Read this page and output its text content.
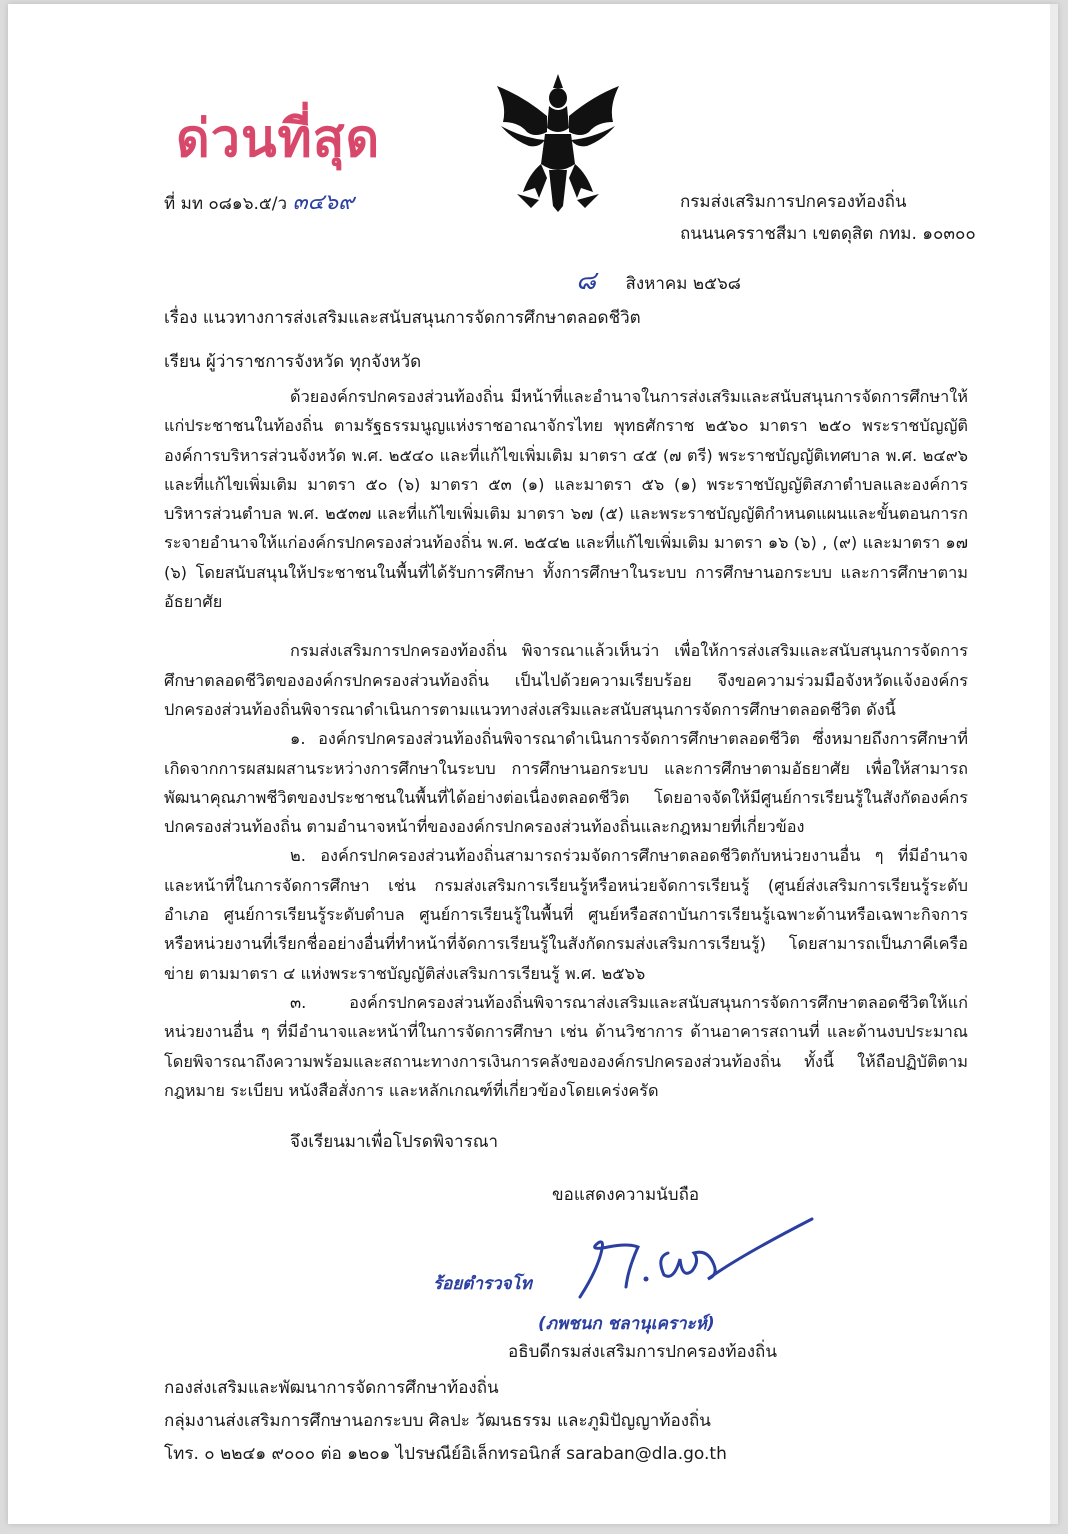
ด่วนที่สุด
ที่ มท ๐๘๑๖.๕/ว ๓๔๖๙	กรมส่งเสริมการปกครองท้องถิ่น
ถนนนครราชสีมา เขตดุสิต กทม. ๑๐๓๐๐
๘ สิงหาคม ๒๕๖๘
เรื่อง แนวทางการส่งเสริมและสนับสนุนการจัดการศึกษาตลอดชีวิต
เรียน ผู้ว่าราชการจังหวัด ทุกจังหวัด

ด้วยองค์กรปกครองส่วนท้องถิ่น มีหน้าที่และอำนาจในการส่งเสริมและสนับสนุนการจัดการศึกษาให้แก่ประชาชนในท้องถิ่น ตามรัฐธรรมนูญแห่งราชอาณาจักรไทย พุทธศักราช ๒๕๖๐ มาตรา ๒๕๐ พระราชบัญญัติองค์การบริหารส่วนจังหวัด พ.ศ. ๒๕๔๐ และที่แก้ไขเพิ่มเติม มาตรา ๔๕ (๗ ตรี) พระราชบัญญัติเทศบาล พ.ศ. ๒๔๙๖ และที่แก้ไขเพิ่มเติม มาตรา ๕๐ (๖) มาตรา ๕๓ (๑) และมาตรา ๕๖ (๑) พระราชบัญญัติสภาตำบลและองค์การบริหารส่วนตำบล พ.ศ. ๒๕๓๗ และที่แก้ไขเพิ่มเติม มาตรา ๖๗ (๕) และพระราชบัญญัติกำหนดแผนและขั้นตอนการกระจายอำนาจให้แก่องค์กรปกครองส่วนท้องถิ่น พ.ศ. ๒๕๔๒ และที่แก้ไขเพิ่มเติม มาตรา ๑๖ (๖) , (๙) และมาตรา ๑๗ (๖) โดยสนับสนุนให้ประชาชนในพื้นที่ได้รับการศึกษา ทั้งการศึกษาในระบบ การศึกษานอกระบบ และการศึกษาตามอัธยาศัย

กรมส่งเสริมการปกครองท้องถิ่น พิจารณาแล้วเห็นว่า เพื่อให้การส่งเสริมและสนับสนุนการจัดการศึกษาตลอดชีวิตขององค์กรปกครองส่วนท้องถิ่น เป็นไปด้วยความเรียบร้อย จึงขอความร่วมมือจังหวัดแจ้งองค์กรปกครองส่วนท้องถิ่นพิจารณาดำเนินการตามแนวทางส่งเสริมและสนับสนุนการจัดการศึกษาตลอดชีวิต ดังนี้

๑. องค์กรปกครองส่วนท้องถิ่นพิจารณาดำเนินการจัดการศึกษาตลอดชีวิต ซึ่งหมายถึงการศึกษาที่เกิดจากการผสมผสานระหว่างการศึกษาในระบบ การศึกษานอกระบบ และการศึกษาตามอัธยาศัย เพื่อให้สามารถพัฒนาคุณภาพชีวิตของประชาชนในพื้นที่ได้อย่างต่อเนื่องตลอดชีวิต โดยอาจจัดให้มีศูนย์การเรียนรู้ในสังกัดองค์กรปกครองส่วนท้องถิ่น ตามอำนาจหน้าที่ขององค์กรปกครองส่วนท้องถิ่นและกฎหมายที่เกี่ยวข้อง

๒. องค์กรปกครองส่วนท้องถิ่นสามารถร่วมจัดการศึกษาตลอดชีวิตกับหน่วยงานอื่น ๆ ที่มีอำนาจและหน้าที่ในการจัดการศึกษา เช่น กรมส่งเสริมการเรียนรู้หรือหน่วยจัดการเรียนรู้ (ศูนย์ส่งเสริมการเรียนรู้ระดับอำเภอ ศูนย์การเรียนรู้ระดับตำบล ศูนย์การเรียนรู้ในพื้นที่ ศูนย์หรือสถาบันการเรียนรู้เฉพาะด้านหรือเฉพาะกิจการ หรือหน่วยงานที่เรียกชื่ออย่างอื่นที่ทำหน้าที่จัดการเรียนรู้ในสังกัดกรมส่งเสริมการเรียนรู้) โดยสามารถเป็นภาคีเครือข่าย ตามมาตรา ๔ แห่งพระราชบัญญัติส่งเสริมการเรียนรู้ พ.ศ. ๒๕๖๖

๓. องค์กรปกครองส่วนท้องถิ่นพิจารณาส่งเสริมและสนับสนุนการจัดการศึกษาตลอดชีวิตให้แก่หน่วยงานอื่น ๆ ที่มีอำนาจและหน้าที่ในการจัดการศึกษา เช่น ด้านวิชาการ ด้านอาคารสถานที่ และด้านงบประมาณ โดยพิจารณาถึงความพร้อมและสถานะทางการเงินการคลังขององค์กรปกครองส่วนท้องถิ่น ทั้งนี้ ให้ถือปฏิบัติตามกฎหมาย ระเบียบ หนังสือสั่งการ และหลักเกณฑ์ที่เกี่ยวข้องโดยเคร่งครัด

จึงเรียนมาเพื่อโปรดพิจารณา
ขอแสดงความนับถือ
ร้อยตำรวจโท
(ภพชนก ชลานุเคราะห์)
อธิบดีกรมส่งเสริมการปกครองท้องถิ่น
กองส่งเสริมและพัฒนาการจัดการศึกษาท้องถิ่น
กลุ่มงานส่งเสริมการศึกษานอกระบบ ศิลปะ วัฒนธรรม และภูมิปัญญาท้องถิ่น
โทร. ๐ ๒๒๔๑ ๙๐๐๐ ต่อ ๑๒๐๑ ไปรษณีย์อิเล็กทรอนิกส์ saraban@dla.go.th
